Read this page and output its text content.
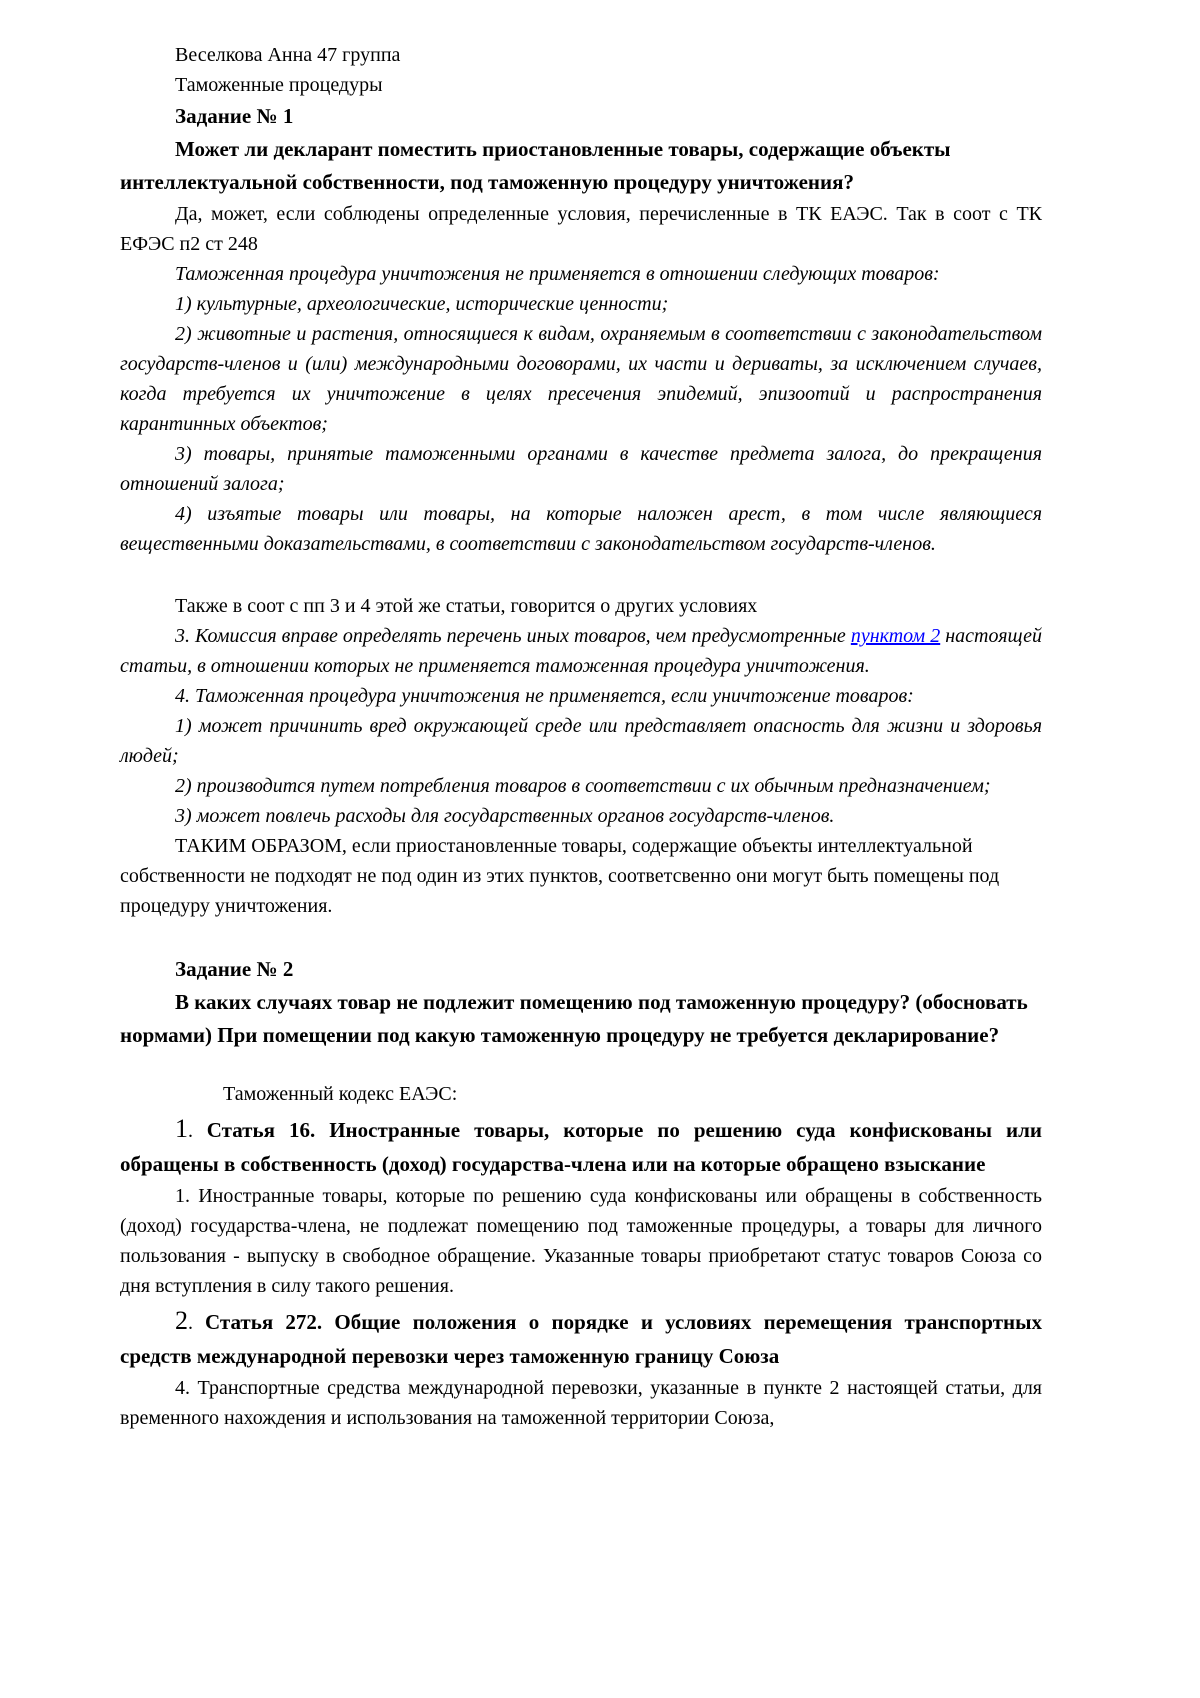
Веселкова Анна 47 группа

Таможенные процедуры

Задание № 1

Может ли декларант поместить приостановленные товары, содержащие объекты интеллектуальной собственности, под таможенную процедуру уничтожения?

Да, может, если соблюдены определенные условия, перечисленные в ТК ЕАЭС. Так в соот с ТК ЕФЭС п2 ст 248

Таможенная процедура уничтожения не применяется в отношении следующих товаров:

1) культурные, археологические, исторические ценности;

2) животные и растения, относящиеся к видам, охраняемым в соответствии с законодательством государств-членов и (или) международными договорами, их части и дериваты, за исключением случаев, когда требуется их уничтожение в целях пресечения эпидемий, эпизоотий и распространения карантинных объектов;

3) товары, принятые таможенными органами в качестве предмета залога, до прекращения отношений залога;

4) изъятые товары или товары, на которые наложен арест, в том числе являющиеся вещественными доказательствами, в соответствии с законодательством государств-членов.

Также в соот с пп 3 и 4 этой же статьи, говорится о других условиях

3. Комиссия вправе определять перечень иных товаров, чем предусмотренные пунктом 2 настоящей статьи, в отношении которых не применяется таможенная процедура уничтожения.

4. Таможенная процедура уничтожения не применяется, если уничтожение товаров:

1) может причинить вред окружающей среде или представляет опасность для жизни и здоровья людей;

2) производится путем потребления товаров в соответствии с их обычным предназначением;

3) может повлечь расходы для государственных органов государств-членов.

ТАКИМ ОБРАЗОМ, если приостановленные товары, содержащие объекты интеллектуальной собственности не подходят не под один из этих пунктов, соответсвенно они могут быть помещены под процедуру уничтожения.

Задание № 2

В каких случаях товар не подлежит помещению под таможенную процедуру? (обосновать нормами) При помещении под какую таможенную процедуру не требуется декларирование?

Таможенный кодекс ЕАЭС:

1. Статья 16. Иностранные товары, которые по решению суда конфискованы или обращены в собственность (доход) государства-члена или на которые обращено взыскание

1. Иностранные товары, которые по решению суда конфискованы или обращены в собственность (доход) государства-члена, не подлежат помещению под таможенные процедуры, а товары для личного пользования - выпуску в свободное обращение. Указанные товары приобретают статус товаров Союза со дня вступления в силу такого решения.

2. Статья 272. Общие положения о порядке и условиях перемещения транспортных средств международной перевозки через таможенную границу Союза

4. Транспортные средства международной перевозки, указанные в пункте 2 настоящей статьи, для временного нахождения и использования на таможенной территории Союза,
